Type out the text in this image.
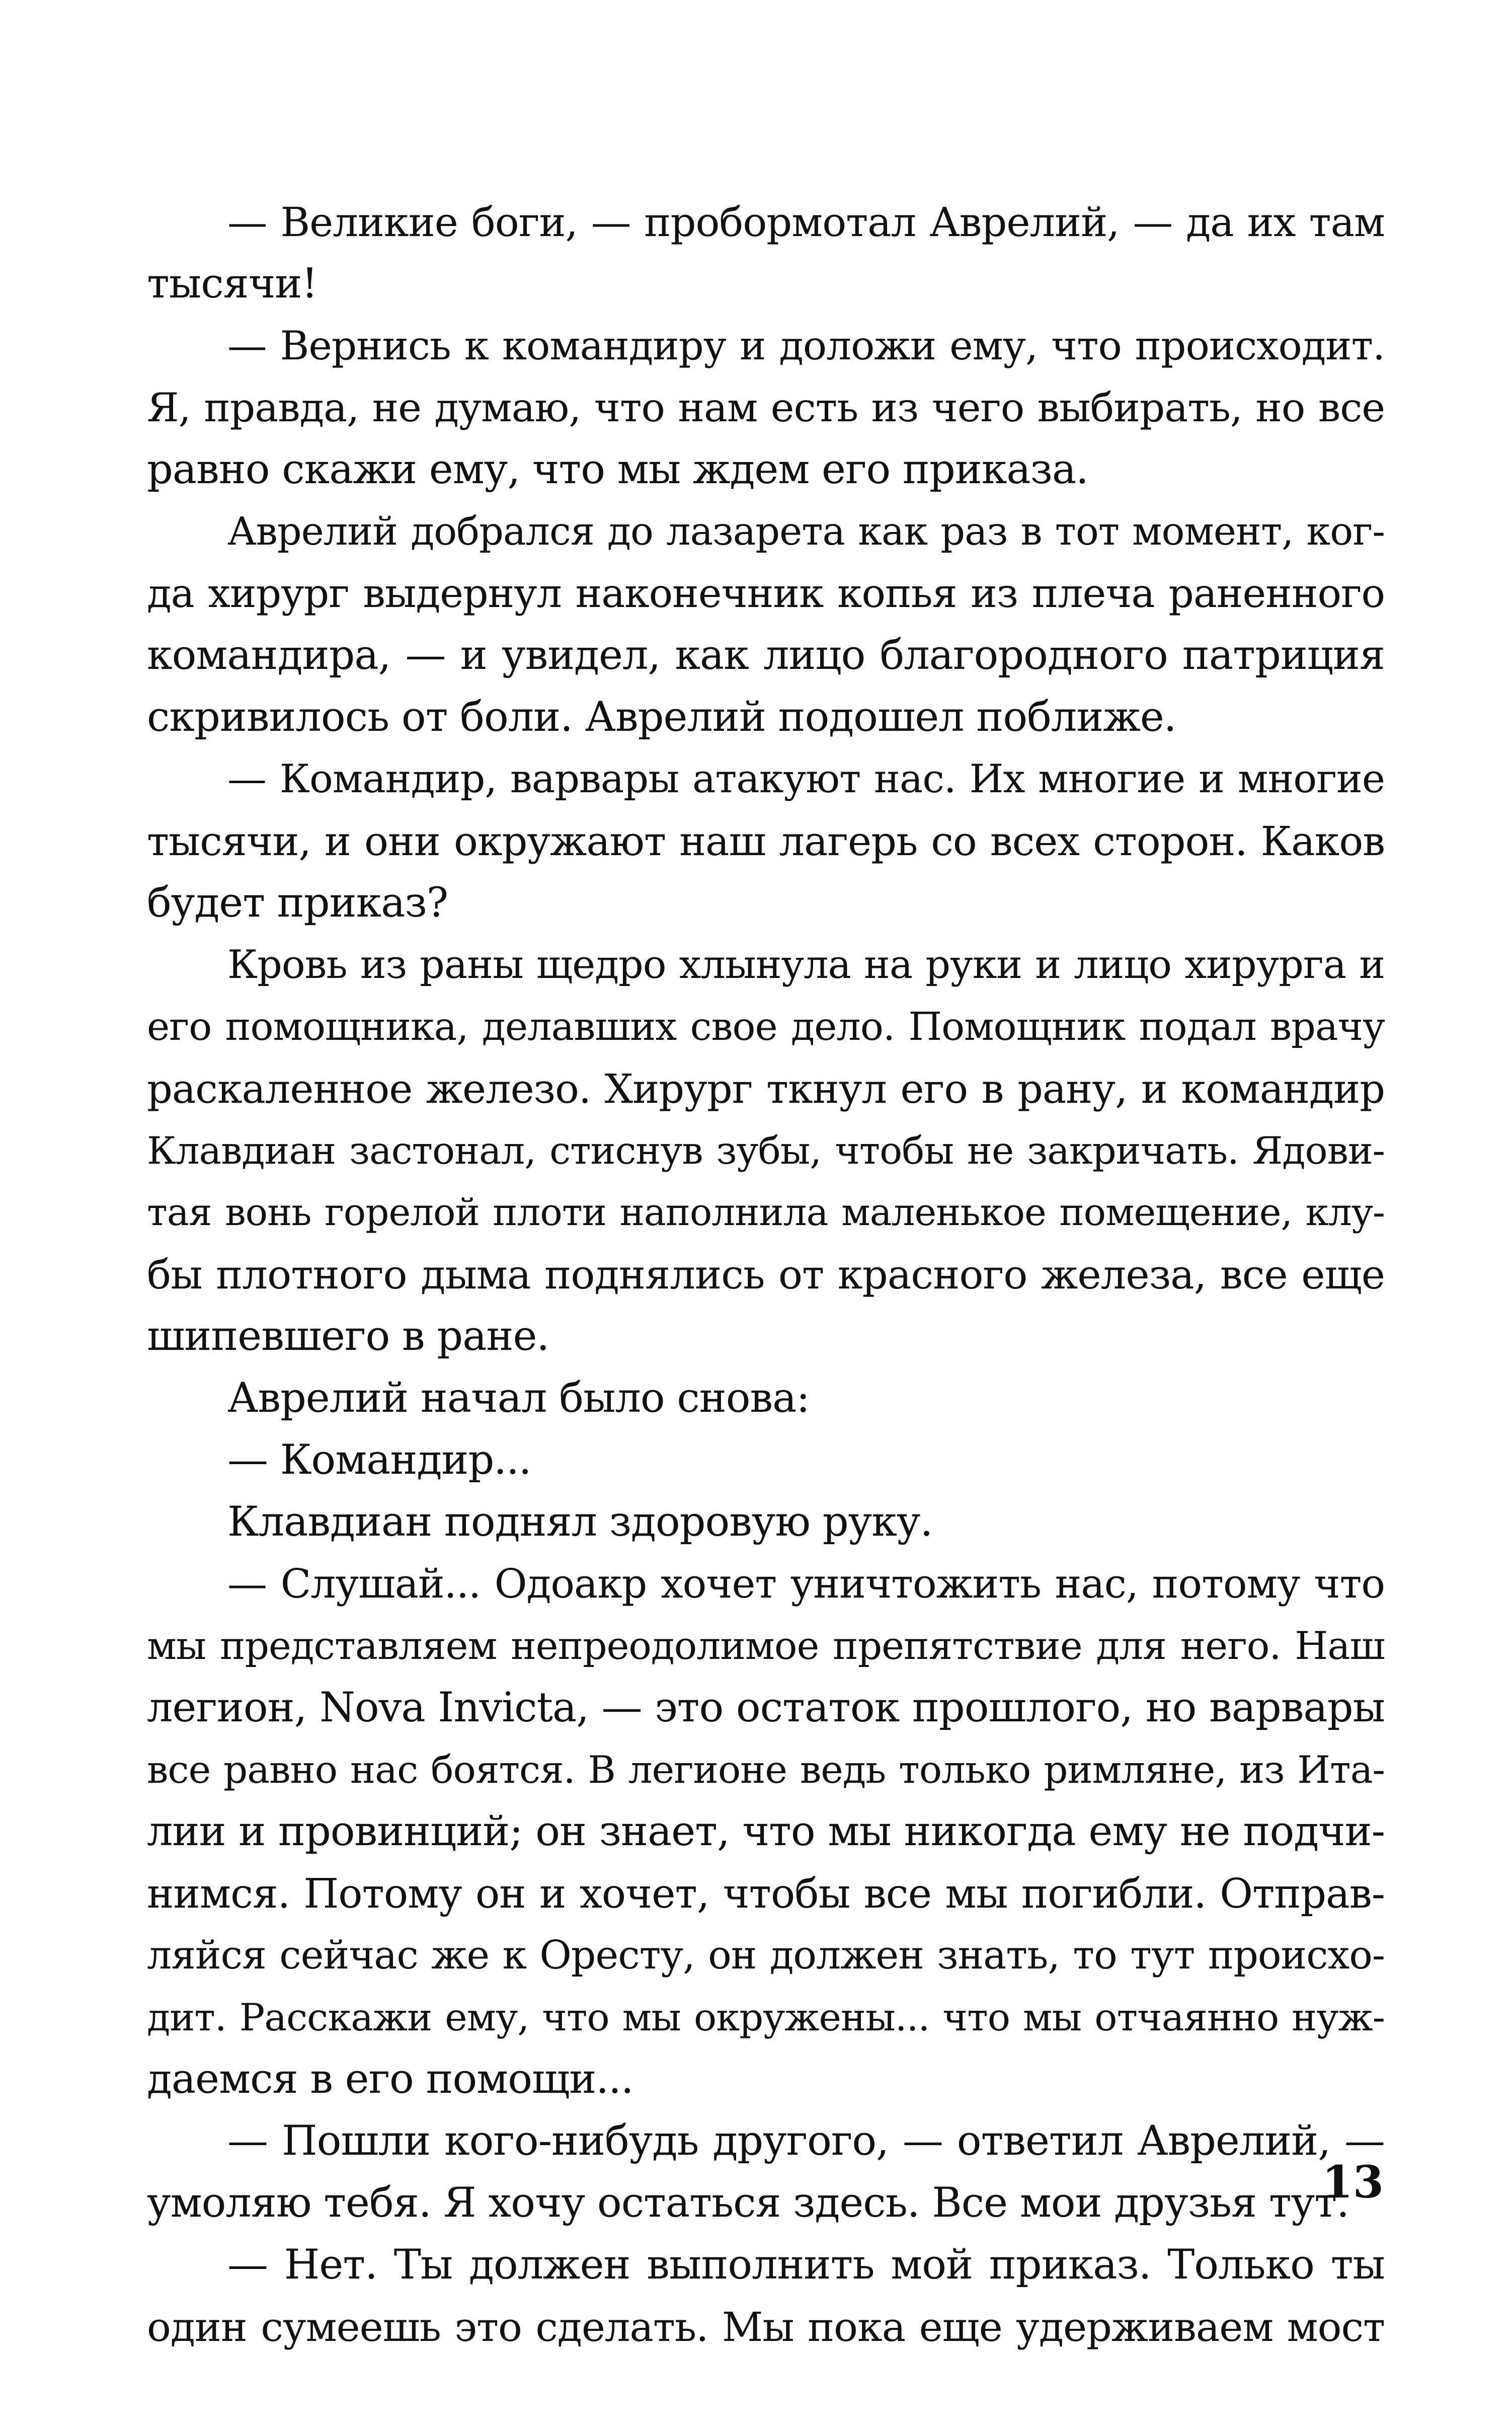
— Великие боги, — пробормотал Аврелий, — да их там
тысячи!
— Вернись к командиру и доложи ему, что происходит.
Я, правда, не думаю, что нам есть из чего выбирать, но все
равно скажи ему, что мы ждем его приказа.
Аврелий добрался до лазарета как раз в тот момент, ког-
да хирург выдернул наконечник копья из плеча раненного
командира, — и увидел, как лицо благородного патриция
скривилось от боли. Аврелий подошел поближе.
— Командир, варвары атакуют нас. Их многие и многие
тысячи, и они окружают наш лагерь со всех сторон. Каков
будет приказ?
Кровь из раны щедро хлынула на руки и лицо хирурга и
его помощника, делавших свое дело. Помощник подал врачу
раскаленное железо. Хирург ткнул его в рану, и командир
Клавдиан застонал, стиснув зубы, чтобы не закричать. Ядови-
тая вонь горелой плоти наполнила маленькое помещение, клу-
бы плотного дыма поднялись от красного железа, все еще
шипевшего в ране.
Аврелий начал было снова:
— Командир...
Клавдиан поднял здоровую руку.
— Слушай... Одоакр хочет уничтожить нас, потому что
мы представляем непреодолимое препятствие для него. Наш
легион, Nova Invicta, — это остаток прошлого, но варвары
все равно нас боятся. В легионе ведь только римляне, из Ита-
лии и провинций; он знает, что мы никогда ему не подчи-
нимся. Потому он и хочет, чтобы все мы погибли. Отправ-
ляйся сейчас же к Оресту, он должен знать, то тут происхо-
дит. Расскажи ему, что мы окружены... что мы отчаянно нуж-
даемся в его помощи...
— Пошли кого-нибудь другого, — ответил Аврелий, —
умоляю тебя. Я хочу остаться здесь. Все мои друзья тут.
— Нет. Ты должен выполнить мой приказ. Только ты
один сумеешь это сделать. Мы пока еще удерживаем мост
13
